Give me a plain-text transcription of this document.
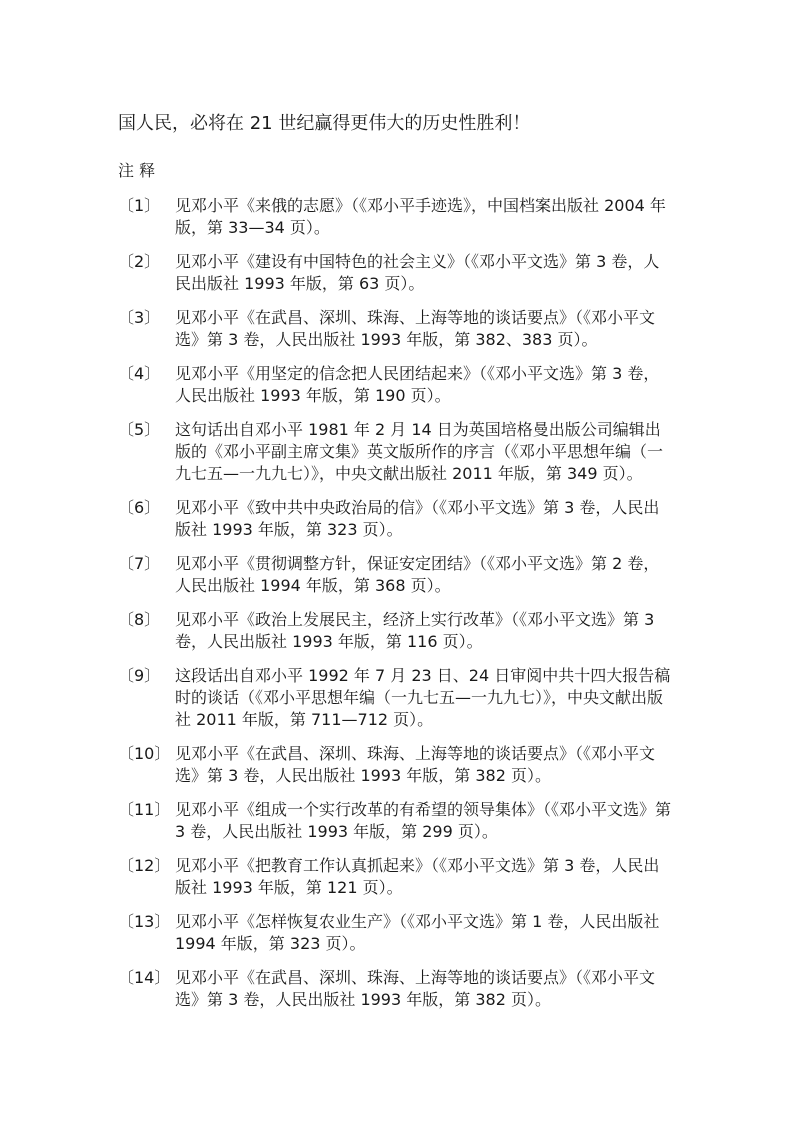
国人民，必将在 21 世纪赢得更伟大的历史性胜利！

注 释
〔1〕 见邓小平《来俄的志愿》（《邓小平手迹选》，中国档案出版社 2004 年版，第 33—34 页）。
〔2〕 见邓小平《建设有中国特色的社会主义》（《邓小平文选》第 3 卷，人民出版社 1993 年版，第 63 页）。
〔3〕 见邓小平《在武昌、深圳、珠海、上海等地的谈话要点》（《邓小平文选》第 3 卷，人民出版社 1993 年版，第 382、383 页）。
〔4〕 见邓小平《用坚定的信念把人民团结起来》（《邓小平文选》第 3 卷，人民出版社 1993 年版，第 190 页）。
〔5〕 这句话出自邓小平 1981 年 2 月 14 日为英国培格曼出版公司编辑出版的《邓小平副主席文集》英文版所作的序言（《邓小平思想年编（一九七五—一九九七）》，中央文献出版社 2011 年版，第 349 页）。
〔6〕 见邓小平《致中共中央政治局的信》（《邓小平文选》第 3 卷，人民出版社 1993 年版，第 323 页）。
〔7〕 见邓小平《贯彻调整方针，保证安定团结》（《邓小平文选》第 2 卷，人民出版社 1994 年版，第 368 页）。
〔8〕 见邓小平《政治上发展民主，经济上实行改革》（《邓小平文选》第 3 卷，人民出版社 1993 年版，第 116 页）。
〔9〕 这段话出自邓小平 1992 年 7 月 23 日、24 日审阅中共十四大报告稿时的谈话（《邓小平思想年编（一九七五—一九九七）》，中央文献出版社 2011 年版，第 711—712 页）。
〔10〕 见邓小平《在武昌、深圳、珠海、上海等地的谈话要点》（《邓小平文选》第 3 卷，人民出版社 1993 年版，第 382 页）。
〔11〕 见邓小平《组成一个实行改革的有希望的领导集体》（《邓小平文选》第 3 卷，人民出版社 1993 年版，第 299 页）。
〔12〕 见邓小平《把教育工作认真抓起来》（《邓小平文选》第 3 卷，人民出版社 1993 年版，第 121 页）。
〔13〕 见邓小平《怎样恢复农业生产》（《邓小平文选》第 1 卷，人民出版社 1994 年版，第 323 页）。
〔14〕 见邓小平《在武昌、深圳、珠海、上海等地的谈话要点》（《邓小平文选》第 3 卷，人民出版社 1993 年版，第 382 页）。
